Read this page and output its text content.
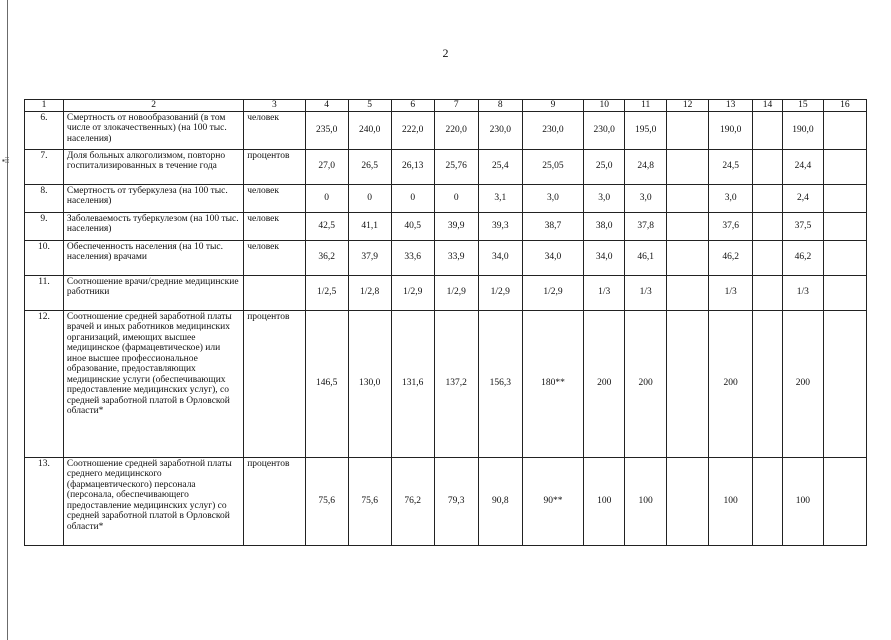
▪⁞⁞
2
1	2	3	4	5	6	7	8	9	10	11	12	13	14	15	16
6.	Смертность от новообразований (в том числе от злокачественных) (на 100 тыс. населения)	человек	235,0	240,0	222,0	220,0	230,0	230,0	230,0	195,0		190,0		190,0	
7.	Доля больных алкоголизмом, повторно госпитализированных в течение года	процентов	27,0	26,5	26,13	25,76	25,4	25,05	25,0	24,8		24,5		24,4	
8.	Смертность от туберкулеза (на 100 тыс. населения)	человек	0	0	0	0	3,1	3,0	3,0	3,0		3,0		2,4	
9.	Заболеваемость туберкулезом (на 100 тыс. населения)	человек	42,5	41,1	40,5	39,9	39,3	38,7	38,0	37,8		37,6		37,5	
10.	Обеспеченность населения (на 10 тыс. населения) врачами	человек	36,2	37,9	33,6	33,9	34,0	34,0	34,0	46,1		46,2		46,2	
11.	Соотношение врачи/средние медицинские работники		1/2,5	1/2,8	1/2,9	1/2,9	1/2,9	1/2,9	1/3	1/3		1/3		1/3	
12.	Соотношение средней заработной платы врачей и иных работников медицинских организаций, имеющих высшее медицинское (фармацевтическое) или иное высшее профессиональное образование, предоставляющих медицинские услуги (обеспечивающих предоставление медицинских услуг), со средней заработной платой в Орловской области*	процентов	146,5	130,0	131,6	137,2	156,3	180**	200	200		200		200	
13.	Соотношение средней заработной платы среднего медицинского (фармацевтического) персонала (персонала, обеспечивающего предоставление медицинских услуг) со средней заработной платой в Орловской области*	процентов	75,6	75,6	76,2	79,3	90,8	90**	100	100		100		100	
